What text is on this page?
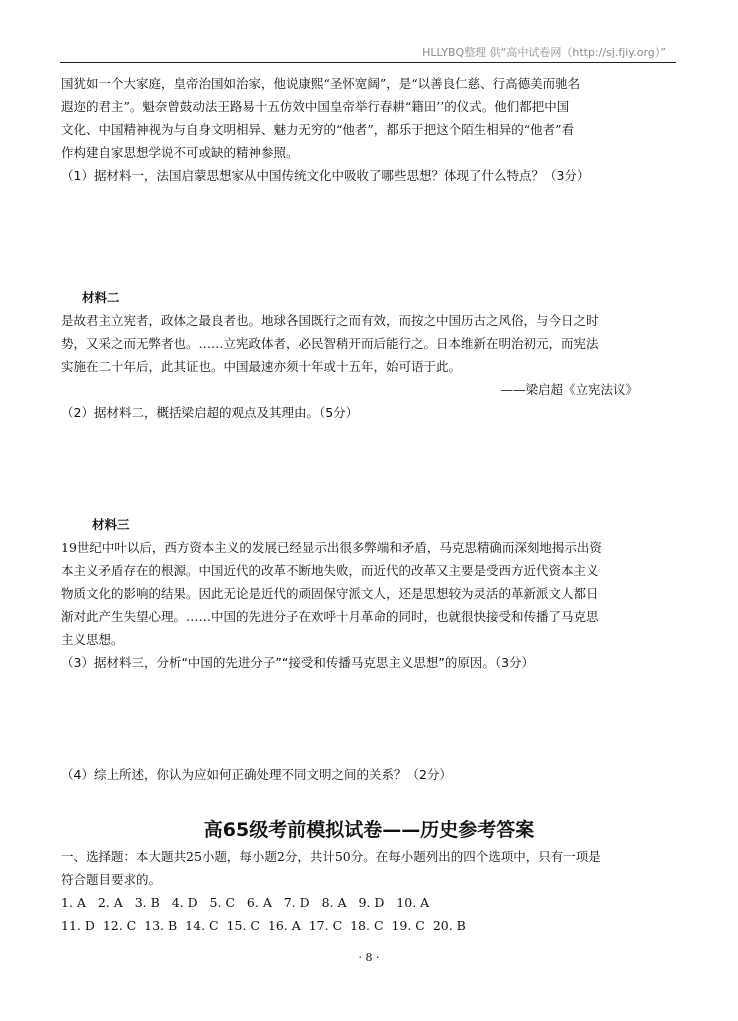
HLLYBQ整理 供“高中试卷网（http://sj.fjiy.org）”

国犹如一个大家庭，皇帝治国如治家，他说康熙“圣怀宽阔”，是“以善良仁慈、行高德美而驰名

遐迩的君主”。魁奈曾鼓动法王路易十五仿效中国皇帝举行春耕“籍田’’的仪式。他们都把中国

文化、中国精神视为与自身文明相异、魅力无穷的“他者”，都乐于把这个陌生相异的“他者”看

作构建自家思想学说不可或缺的精神参照。

（1）据材料一，法国启蒙思想家从中国传统文化中吸收了哪些思想？体现了什么特点？（3分）

材料二

是故君主立宪者，政体之最良者也。地球各国既行之而有效，而按之中国历古之风俗，与今日之时

势，又采之而无弊者也。……立宪政体者，必民智稍开而后能行之。日本维新在明治初元，而宪法

实施在二十年后，此其证也。中国最速亦须十年或十五年，始可语于此。

——梁启超《立宪法议》

（2）据材料二，概括梁启超的观点及其理由。（5分）

材料三

19世纪中叶以后，西方资本主义的发展已经显示出很多弊端和矛盾，马克思精确而深刻地揭示出资

本主义矛盾存在的根源。中国近代的改革不断地失败，而近代的改革又主要是受西方近代资本主义

物质文化的影响的结果。因此无论是近代的顽固保守派文人，还是思想较为灵活的革新派文人都日

渐对此产生失望心理。……中国的先进分子在欢呼十月革命的同时，也就很快接受和传播了马克思

主义思想。

（3）据材料三，分析“中国的先进分子”“接受和传播马克思主义思想”的原因。（3分）

（4）综上所述，你认为应如何正确处理不同文明之间的关系？（2分）

高65级考前模拟试卷——历史参考答案

一、选择题：本大题共25小题，每小题2分，共计50分。在每小题列出的四个选项中，只有一项是

符合题目要求的。

1. A   2. A   3. B   4. D   5. C   6. A   7. D   8. A   9. D   10. A

11. D  12. C  13. B  14. C  15. C  16. A  17. C  18. C  19. C  20. B

· 8 ·
